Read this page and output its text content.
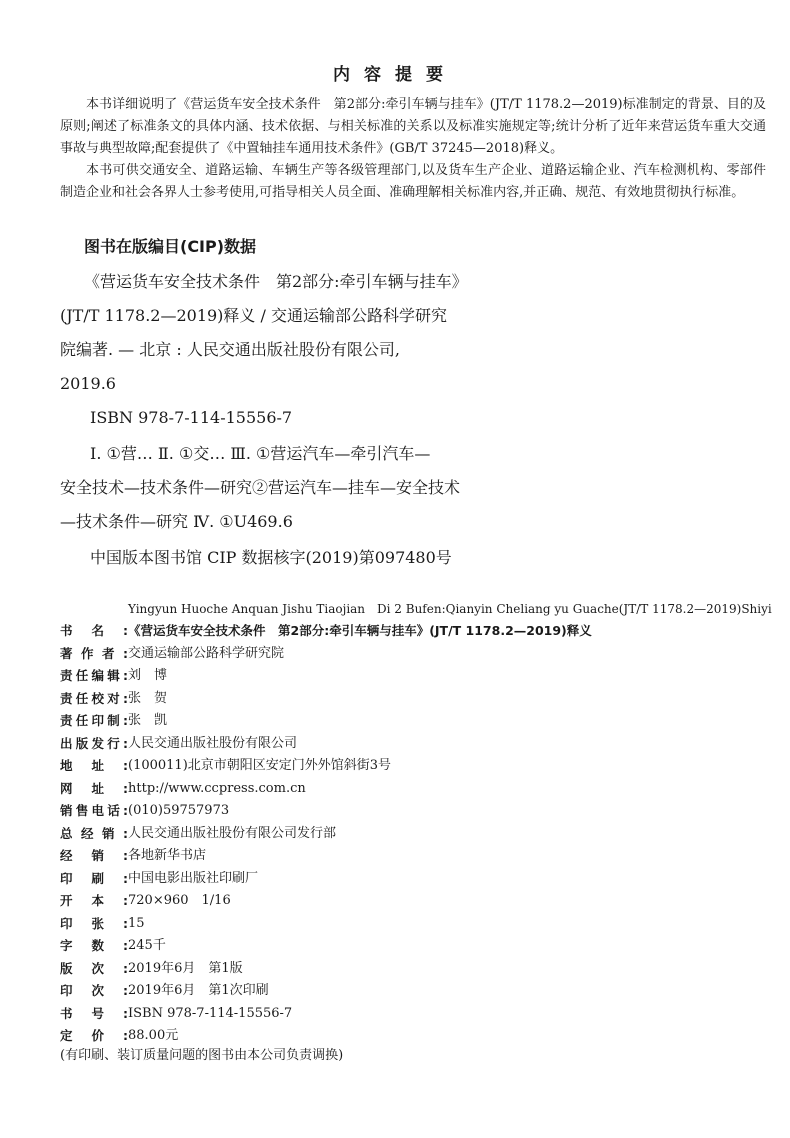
内容提要

本书详细说明了《营运货车安全技术条件　第2部分:牵引车辆与挂车》(JT/T 1178.2—2019)标准制定的背景、目的及原则;阐述了标准条文的具体内涵、技术依据、与相关标准的关系以及标准实施规定等;统计分析了近年来营运货车重大交通事故与典型故障;配套提供了《中置轴挂车通用技术条件》(GB/T 37245—2018)释义。

本书可供交通安全、道路运输、车辆生产等各级管理部门,以及货车生产企业、道路运输企业、汽车检测机构、零部件制造企业和社会各界人士参考使用,可指导相关人员全面、准确理解相关标准内容,并正确、规范、有效地贯彻执行标准。

图书在版编目(CIP)数据
《营运货车安全技术条件　第2部分:牵引车辆与挂车》
(JT/T 1178.2—2019)释义 / 交通运输部公路科学研究
院编著. — 北京 : 人民交通出版社股份有限公司,
2019.6
ISBN 978-7-114-15556-7
Ⅰ. ①营… Ⅱ. ①交… Ⅲ. ①营运汽车—牵引汽车—
安全技术—技术条件—研究②营运汽车—挂车—安全技术
—技术条件—研究 Ⅳ. ①U469.6
中国版本图书馆 CIP 数据核字(2019)第097480号
Yingyun Huoche Anquan Jishu Tiaojian　Di 2 Bufen:Qianyin Cheliang yu Guache(JT/T 1178.2—2019)Shiyi
书 名 : 《营运货车安全技术条件　第2部分:牵引车辆与挂车》(JT/T 1178.2—2019)释义
著 作 者 : 交通运输部公路科学研究院
责 任 编 辑 : 刘　博
责 任 校 对 : 张　贺
责 任 印 制 : 张　凯
出 版 发 行 : 人民交通出版社股份有限公司
地 址 : (100011)北京市朝阳区安定门外外馆斜街3号
网 址 : http://www.ccpress.com.cn
销 售 电 话 : (010)59757973
总 经 销 : 人民交通出版社股份有限公司发行部
经 销 : 各地新华书店
印 刷 : 中国电影出版社印刷厂
开 本 : 720×960　1/16
印 张 : 15
字 数 : 245千
版 次 : 2019年6月　第1版
印 次 : 2019年6月　第1次印刷
书 号 : ISBN 978-7-114-15556-7
定 价 : 88.00元
(有印刷、装订质量问题的图书由本公司负责调换)
